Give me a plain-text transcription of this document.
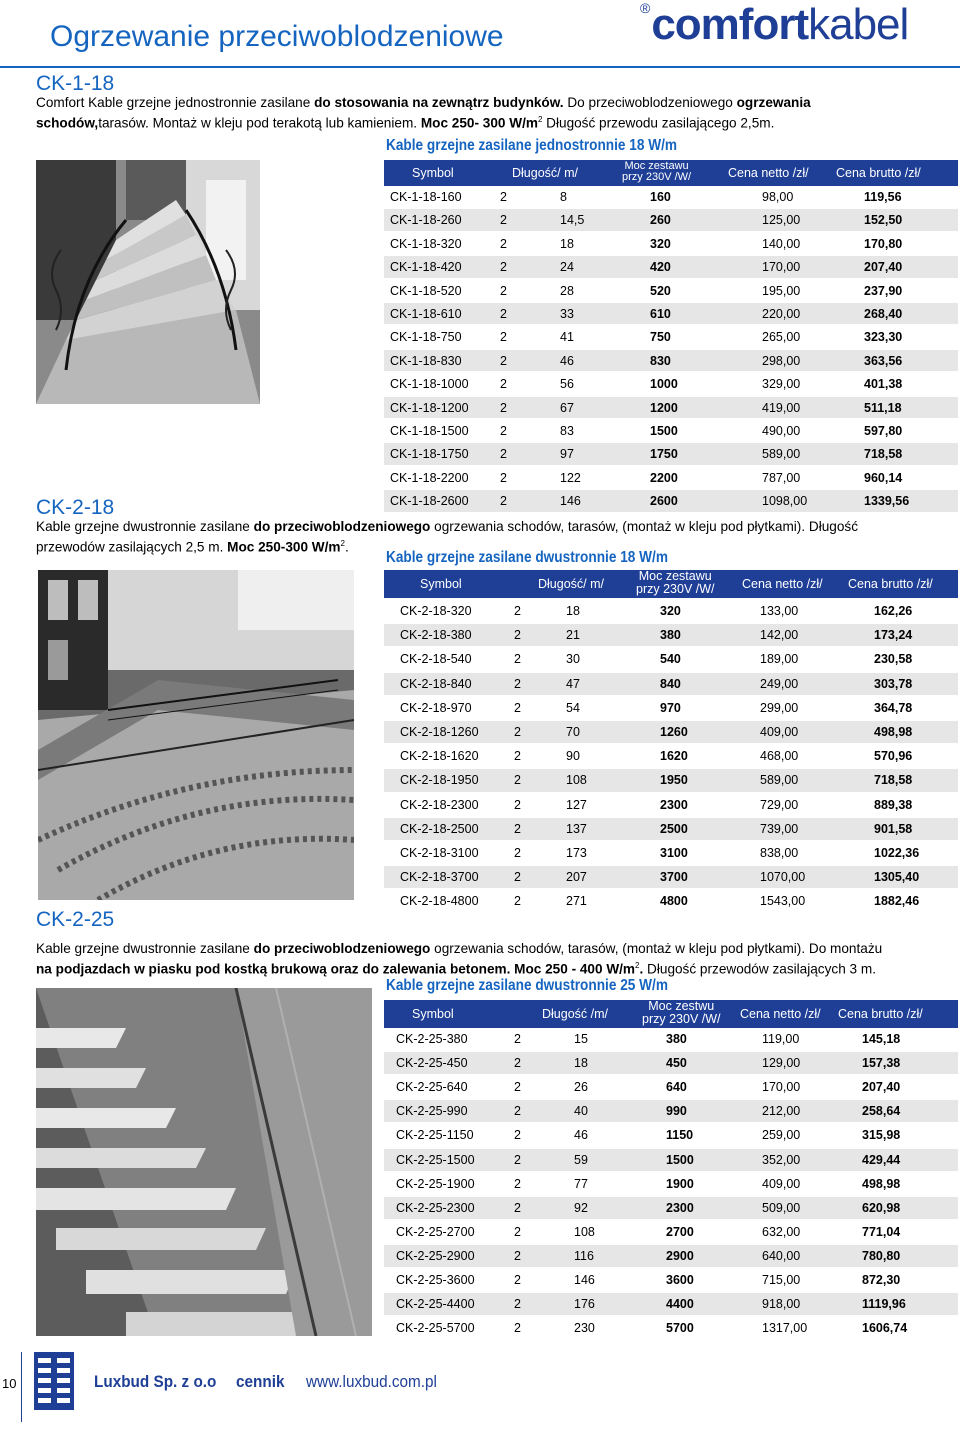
Ogrzewanie przeciwoblodzeniowe
®comfortkabel
CK-1-18
Comfort Kable grzejne jednostronnie zasilane do stosowania na zewnątrz budynków. Do przeciwoblodzeniowego ogrzewania
schodów,tarasów. Montaż w kleju pod terakotą lub kamieniem. Moc 250- 300 $W/m^2$ Długość przewodu zasilającego 2,5m.
Kable grzejne zasilane jednostronnie 18 W/m
Symbol	Długość/ m/	Moc zestawu
przy 230V /W/	Cena netto /zł/ Cena brutto /zł/
CK-1-18-160	2	8	160	98,00	119,56
CK-1-18-260	2	14,5	260	125,00	152,50
CK-1-18-320	2	18	320	140,00	170,80
CK-1-18-420	2	24	420	170,00	207,40
CK-1-18-520	2	28	520	195,00	237,90
CK-1-18-610	2	33	610	220,00	268,40
CK-1-18-750	2	41	750	265,00	323,30
CK-1-18-830	2	46	830	298,00	363,56
CK-1-18-1000	2	56	1000	329,00	401,38
CK-1-18-1200	2	67	1200	419,00	511,18
CK-1-18-1500	2	83	1500	490,00	597,80
CK-1-18-1750	2	97	1750	589,00	718,58
CK-1-18-2200	2	122	2200	787,00	960,14
CK-1-18-2600	2	146	2600	1098,00	1339,56
CK-2-18
Kable grzejne dwustronnie zasilane do przeciwoblodzeniowego ogrzewania schodów, tarasów, (montaż w kleju pod płytkami). Długość
przewodów zasilających 2,5 m. Moc 250-300 $W/m^2$.
Kable grzejne zasilane dwustronnie 18 W/m
Symbol	Długość/ m/
Moc zestawu
przy 230V /W/ Cena netto /zł/ Cena brutto /zł/
CK-2-18-320	2	18	320	133,00	162,26
CK-2-18-380	2	21	380	142,00	173,24
CK-2-18-540	2	30	540	189,00	230,58
CK-2-18-840	2	47	840	249,00	303,78
CK-2-18-970	2	54	970	299,00	364,78
CK-2-18-1260	2	70	1260	409,00	498,98
CK-2-18-1620	2	90	1620	468,00	570,96
CK-2-18-1950	2	108	1950	589,00	718,58
CK-2-18-2300	2	127	2300	729,00	889,38
CK-2-18-2500	2	137	2500	739,00	901,58
CK-2-18-3100	2	173	3100	838,00	1022,36
CK-2-18-3700	2	207	3700	1070,00	1305,40
CK-2-18-4800	2	271	4800	1543,00	1882,46
CK-2-25
Kable grzejne dwustronnie zasilane do przeciwoblodzeniowego ogrzewania schodów, tarasów, (montaż w kleju pod płytkami). Do montażu
na podjazdach w piasku pod kostką brukową oraz do zalewania betonem. Moc 250 - 400 $W/m^2$. Długość przewodów zasilających 3 m.
Kable grzejne zasilane dwustronnie 25 W/m
Symbol	Długość /m/
Moc zestwu
przy 230V /W/ Cena netto /zł/ Cena brutto /zł/
CK-2-25-380	2	15	380	119,00	145,18
CK-2-25-450	2	18	450	129,00	157,38
CK-2-25-640	2	26	640	170,00	207,40
CK-2-25-990	2	40	990	212,00	258,64
CK-2-25-1150	2	46	1150	259,00	315,98
CK-2-25-1500	2	59	1500	352,00	429,44
CK-2-25-1900	2	77	1900	409,00	498,98
CK-2-25-2300	2	92	2300	509,00	620,98
CK-2-25-2700	2	108	2700	632,00	771,04
CK-2-25-2900	2	116	2900	640,00	780,80
CK-2-25-3600	2	146	3600	715,00	872,30
CK-2-25-4400	2	176	4400	918,00	1119,96
CK-2-25-5700	2	230	5700	1317,00	1606,74
10	Luxbud Sp. z o.o cennik www.luxbud.com.pl
